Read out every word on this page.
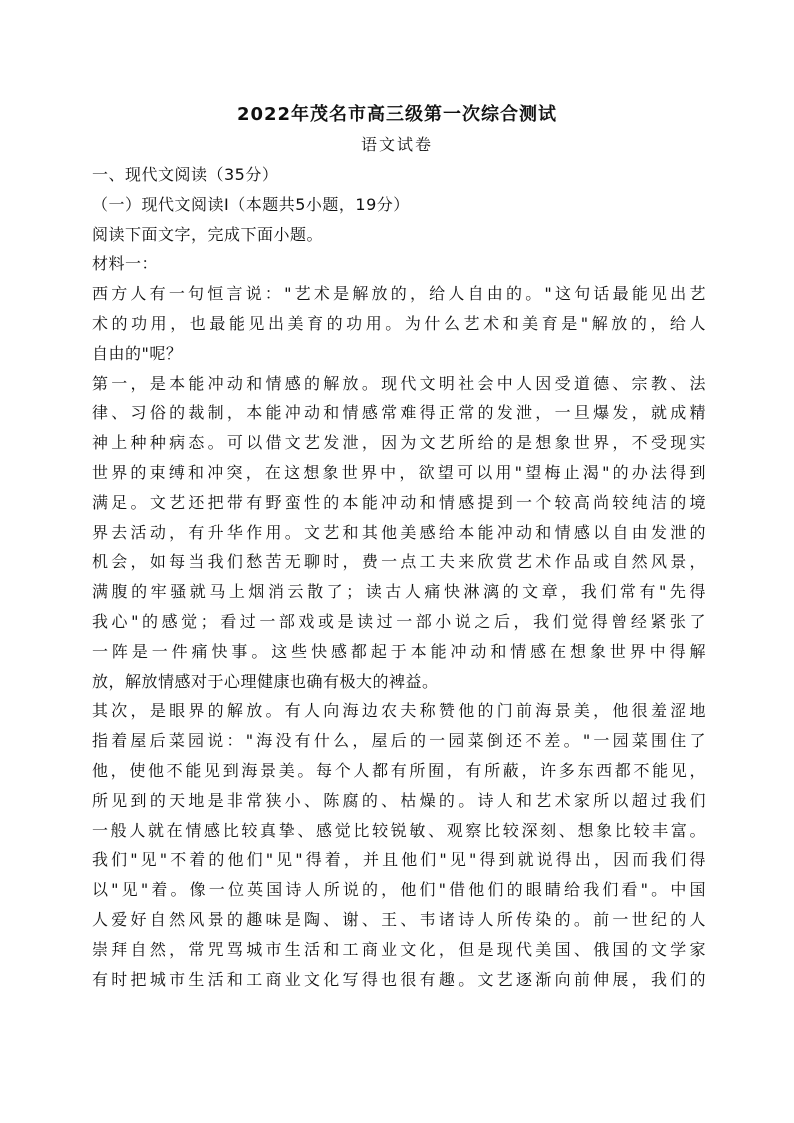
2022年茂名市高三级第一次综合测试
语文试卷
一、现代文阅读（35分）
（一）现代文阅读Ⅰ（本题共5小题，19分）
阅读下面文字，完成下面小题。
材料一：
西方人有一句恒言说："艺术是解放的，给人自由的。"这句话最能见出艺
术的功用，也最能见出美育的功用。为什么艺术和美育是"解放的，给人
自由的"呢？
第一，是本能冲动和情感的解放。现代文明社会中人因受道德、宗教、法
律、习俗的裁制，本能冲动和情感常难得正常的发泄，一旦爆发，就成精
神上种种病态。可以借文艺发泄，因为文艺所给的是想象世界，不受现实
世界的束缚和冲突，在这想象世界中，欲望可以用"望梅止渴"的办法得到
满足。文艺还把带有野蛮性的本能冲动和情感提到一个较高尚较纯洁的境
界去活动，有升华作用。文艺和其他美感给本能冲动和情感以自由发泄的
机会，如每当我们愁苦无聊时，费一点工夫来欣赏艺术作品或自然风景，
满腹的牢骚就马上烟消云散了；读古人痛快淋漓的文章，我们常有"先得
我心"的感觉；看过一部戏或是读过一部小说之后，我们觉得曾经紧张了
一阵是一件痛快事。这些快感都起于本能冲动和情感在想象世界中得解
放，解放情感对于心理健康也确有极大的裨益。
其次，是眼界的解放。有人向海边农夫称赞他的门前海景美，他很羞涩地
指着屋后菜园说："海没有什么，屋后的一园菜倒还不差。"一园菜围住了
他，使他不能见到海景美。每个人都有所囿，有所蔽，许多东西都不能见，
所见到的天地是非常狭小、陈腐的、枯燥的。诗人和艺术家所以超过我们
一般人就在情感比较真挚、感觉比较锐敏、观察比较深刻、想象比较丰富。
我们"见"不着的他们"见"得着，并且他们"见"得到就说得出，因而我们得
以"见"着。像一位英国诗人所说的，他们"借他们的眼睛给我们看"。中国
人爱好自然风景的趣味是陶、谢、王、韦诸诗人所传染的。前一世纪的人
崇拜自然，常咒骂城市生活和工商业文化，但是现代美国、俄国的文学家
有时把城市生活和工商业文化写得也很有趣。文艺逐渐向前伸展，我们的
